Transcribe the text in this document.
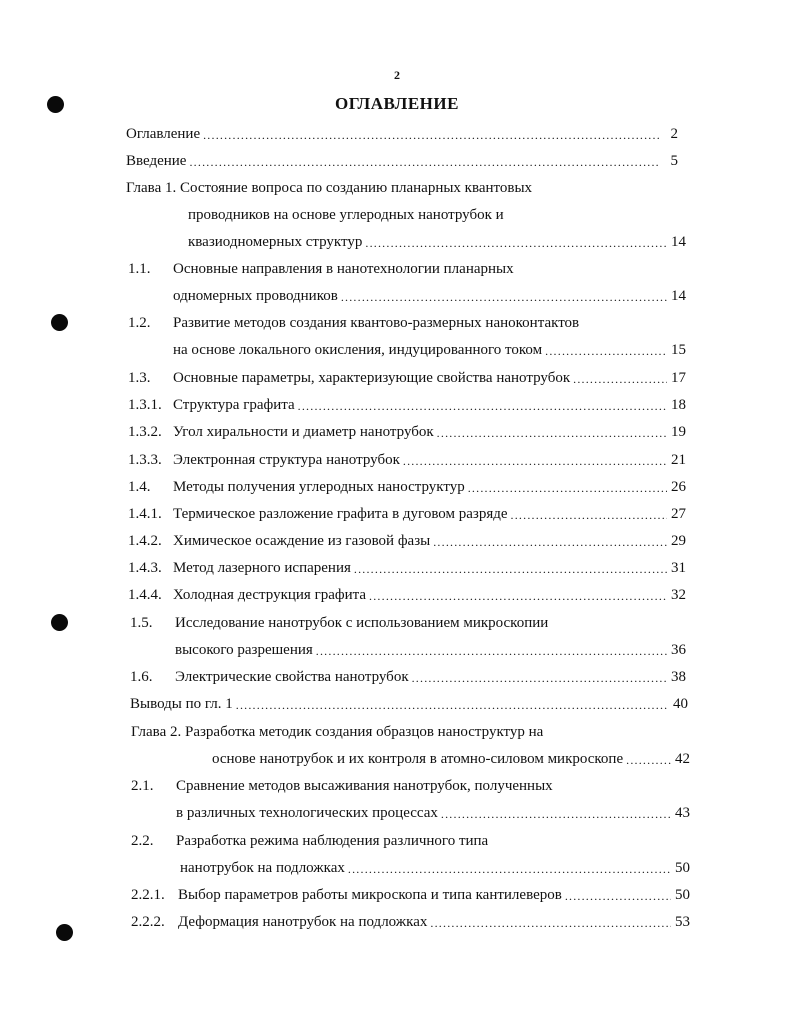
2
ОГЛАВЛЕНИЕ
Оглавление .....	2
Введение .....	5
Глава 1. Состояние вопроса по созданию планарных квантовых
проводников на основе углеродных нанотрубок и
квазиодномерных структур .....	14
1.1.	Основные направления в нанотехнологии планарных
одномерных проводников .....	14
1.2.	Развитие методов создания квантово-размерных наноконтактов
на основе локального окисления, индуцированного током .....	15
1.3.	Основные параметры, характеризующие свойства нанотрубок .....	17
1.3.1. Структура графита .....	18
1.3.2. Угол хиральности и диаметр нанотрубок .....	19
1.3.3. Электронная структура нанотрубок .....	21
1.4.	Методы получения углеродных наноструктур .....	26
1.4.1. Термическое разложение графита в дуговом разряде .....	27
1.4.2. Химическое осаждение из газовой фазы .....	29
1.4.3. Метод лазерного испарения .....	31
1.4.4. Холодная деструкция графита .....	32
1.5.	Исследование нанотрубок с использованием микроскопии
высокого разрешения .....	36
1.6.	Электрические свойства нанотрубок .....	38
Выводы по гл. 1 .....	40
Глава 2. Разработка методик создания образцов наноструктур на
основе нанотрубок и их контроля в атомно-силовом микроскопе .....	42
2.1.	Сравнение методов высаживания нанотрубок, полученных
в различных технологических процессах .....	43
2.2.	Разработка режима наблюдения различного типа
нанотрубок на подложках .....	50
2.2.1. Выбор параметров работы микроскопа и типа кантилеверов .....	50
2.2.2. Деформация нанотрубок на подложках .....	53
